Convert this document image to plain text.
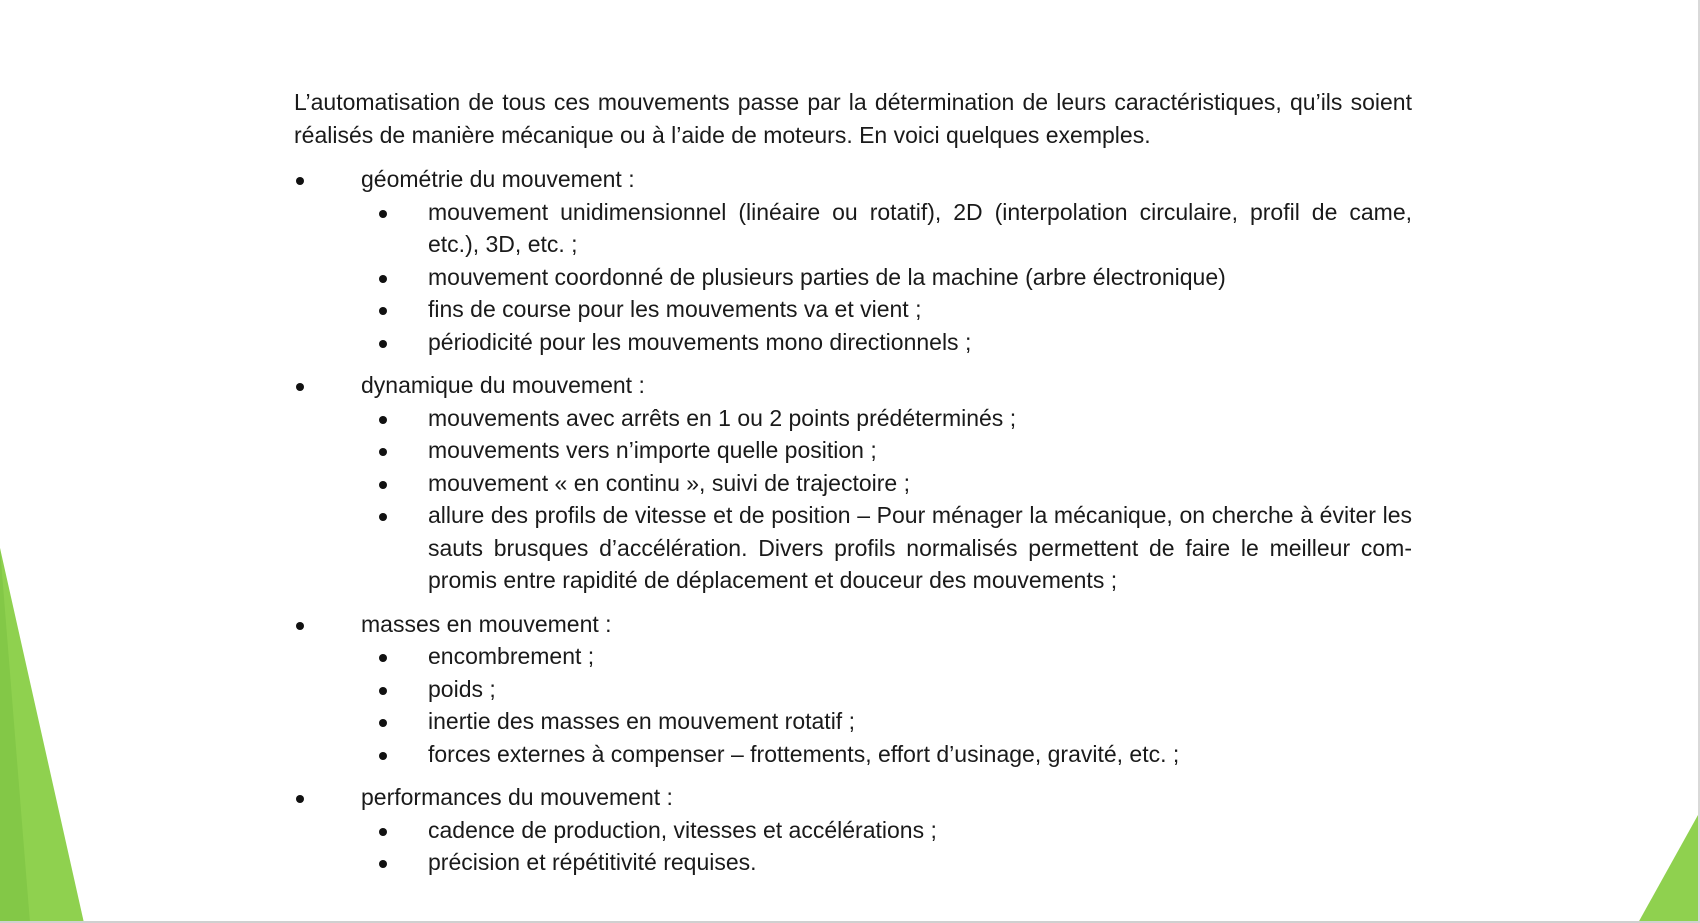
L’automatisation de tous ces mouvements passe par la détermination de leurs caractéristiques, qu’ils soient réalisés de manière mécanique ou à l’aide de moteurs. En voici quelques exemples.

géométrie du mouvement :
mouvement unidimensionnel (linéaire ou rotatif), 2D (interpolation circulaire, profil de came, etc.), 3D, etc. ;
mouvement coordonné de plusieurs parties de la machine (arbre électronique)
fins de course pour les mouvements va et vient ;
périodicité pour les mouvements mono directionnels ;
dynamique du mouvement :
mouvements avec arrêts en 1 ou 2 points prédéterminés ;
mouvements vers n’importe quelle position ;
mouvement « en continu », suivi de trajectoire ;
allure des profils de vitesse et de position – Pour ménager la mécanique, on cherche à éviter les sauts brusques d’accélération. Divers profils normalisés permettent de faire le meilleur com-promis entre rapidité de déplacement et douceur des mouvements ;
masses en mouvement :
encombrement ;
poids ;
inertie des masses en mouvement rotatif ;
forces externes à compenser – frottements, effort d’usinage, gravité, etc. ;
performances du mouvement :
cadence de production, vitesses et accélérations ;
précision et répétitivité requises.
